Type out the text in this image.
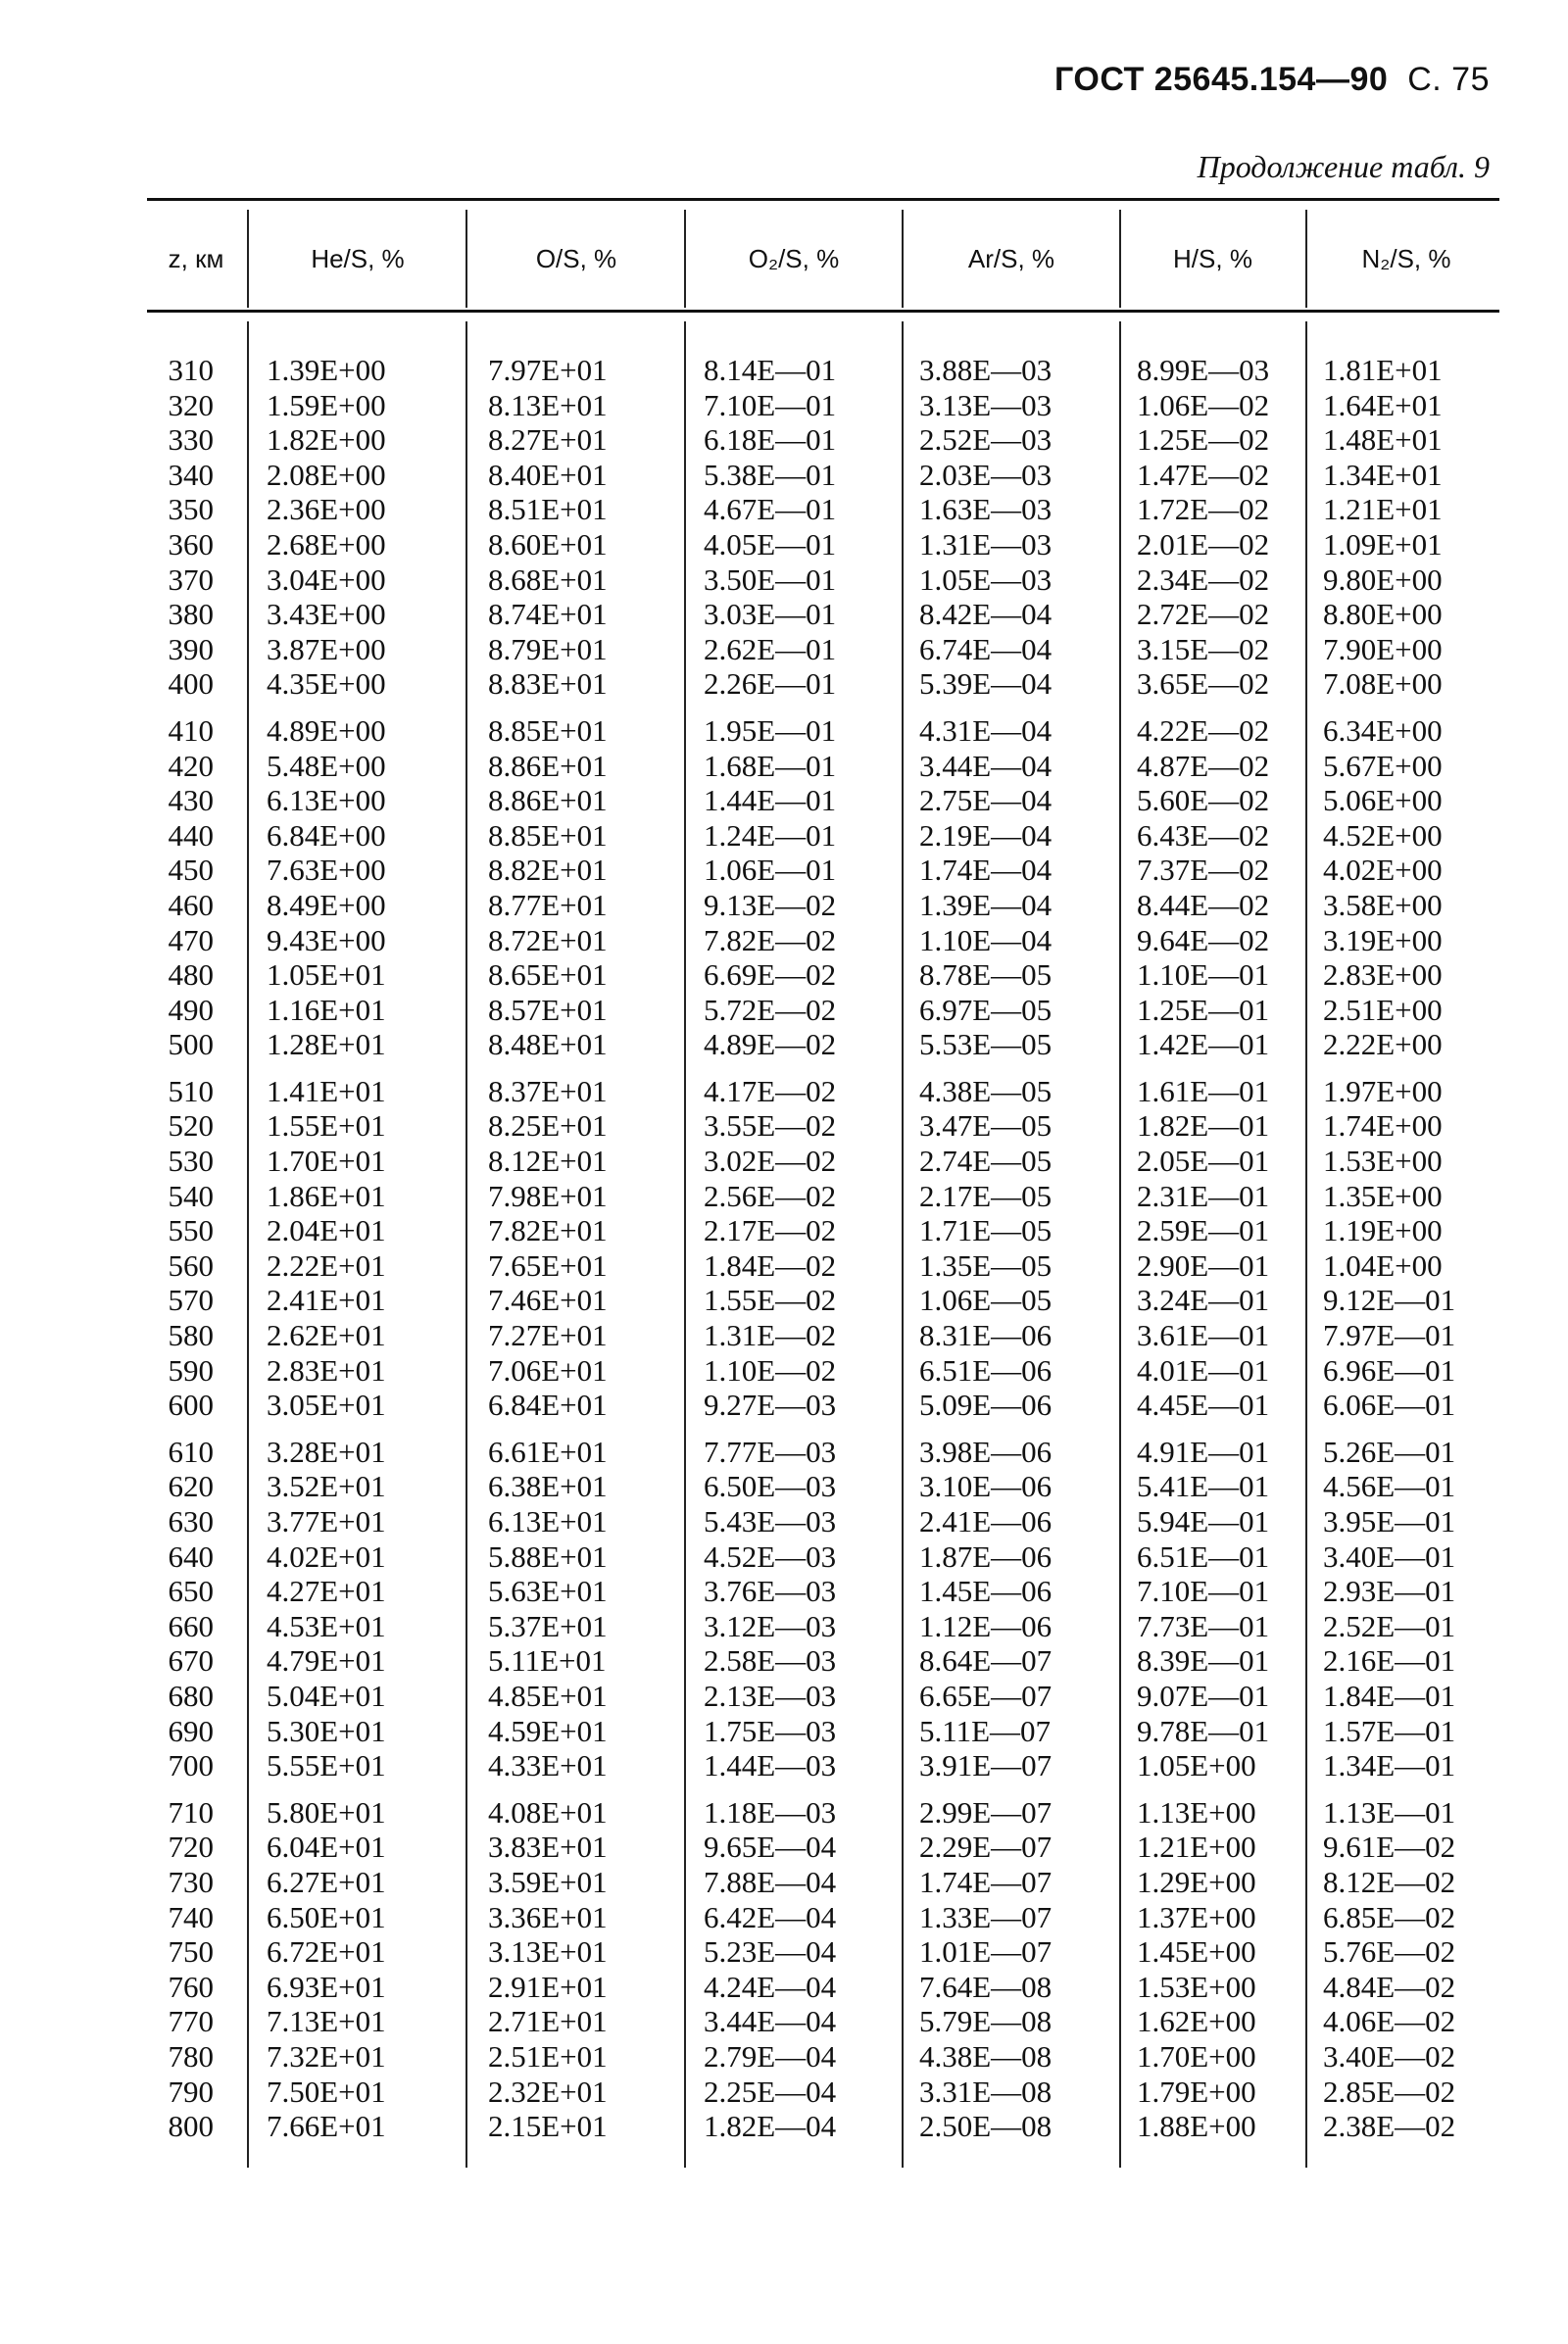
ГОСТ 25645.154—90 С. 75
Продолжение табл. 9
z, км	He/S, %	O/S, %	O₂/S, %	Ar/S, %	H/S, %	N₂/S, %
310 1.39E+00	7.97E+01	8.14E—01	3.88E—03	8.99E—03 1.81E+01
320 1.59E+00	8.13E+01	7.10E—01	3.13E—03	1.06E—02 1.64E+01
330 1.82E+00	8.27E+01	6.18E—01	2.52E—03	1.25E—02 1.48E+01
340 2.08E+00	8.40E+01	5.38E—01	2.03E—03	1.47E—02 1.34E+01
350 2.36E+00	8.51E+01	4.67E—01	1.63E—03	1.72E—02 1.21E+01
360 2.68E+00	8.60E+01	4.05E—01	1.31E—03	2.01E—02 1.09E+01
370 3.04E+00	8.68E+01	3.50E—01	1.05E—03	2.34E—02 9.80E+00
380 3.43E+00	8.74E+01	3.03E—01	8.42E—04	2.72E—02 8.80E+00
390 3.87E+00	8.79E+01	2.62E—01	6.74E—04	3.15E—02 7.90E+00
400 4.35E+00	8.83E+01	2.26E—01	5.39E—04	3.65E—02 7.08E+00
410 4.89E+00	8.85E+01	1.95E—01	4.31E—04	4.22E—02 6.34E+00
420 5.48E+00	8.86E+01	1.68E—01	3.44E—04	4.87E—02 5.67E+00
430 6.13E+00	8.86E+01	1.44E—01	2.75E—04	5.60E—02 5.06E+00
440 6.84E+00	8.85E+01	1.24E—01	2.19E—04	6.43E—02 4.52E+00
450 7.63E+00	8.82E+01	1.06E—01	1.74E—04	7.37E—02 4.02E+00
460 8.49E+00	8.77E+01	9.13E—02	1.39E—04	8.44E—02 3.58E+00
470 9.43E+00	8.72E+01	7.82E—02	1.10E—04	9.64E—02 3.19E+00
480 1.05E+01	8.65E+01	6.69E—02	8.78E—05	1.10E—01 2.83E+00
490 1.16E+01	8.57E+01	5.72E—02	6.97E—05	1.25E—01 2.51E+00
500 1.28E+01	8.48E+01	4.89E—02	5.53E—05	1.42E—01 2.22E+00
510 1.41E+01	8.37E+01	4.17E—02	4.38E—05	1.61E—01 1.97E+00
520 1.55E+01	8.25E+01	3.55E—02	3.47E—05	1.82E—01 1.74E+00
530 1.70E+01	8.12E+01	3.02E—02	2.74E—05	2.05E—01 1.53E+00
540 1.86E+01	7.98E+01	2.56E—02	2.17E—05	2.31E—01 1.35E+00
550 2.04E+01	7.82E+01	2.17E—02	1.71E—05	2.59E—01 1.19E+00
560 2.22E+01	7.65E+01	1.84E—02	1.35E—05	2.90E—01 1.04E+00
570 2.41E+01	7.46E+01	1.55E—02	1.06E—05	3.24E—01 9.12E—01
580 2.62E+01	7.27E+01	1.31E—02	8.31E—06	3.61E—01 7.97E—01
590 2.83E+01	7.06E+01	1.10E—02	6.51E—06	4.01E—01 6.96E—01
600 3.05E+01	6.84E+01	9.27E—03	5.09E—06	4.45E—01 6.06E—01
610 3.28E+01	6.61E+01	7.77E—03	3.98E—06	4.91E—01 5.26E—01
620 3.52E+01	6.38E+01	6.50E—03	3.10E—06	5.41E—01 4.56E—01
630 3.77E+01	6.13E+01	5.43E—03	2.41E—06	5.94E—01 3.95E—01
640 4.02E+01	5.88E+01	4.52E—03	1.87E—06	6.51E—01 3.40E—01
650 4.27E+01	5.63E+01	3.76E—03	1.45E—06	7.10E—01 2.93E—01
660 4.53E+01	5.37E+01	3.12E—03	1.12E—06	7.73E—01 2.52E—01
670 4.79E+01	5.11E+01	2.58E—03	8.64E—07	8.39E—01 2.16E—01
680 5.04E+01	4.85E+01	2.13E—03	6.65E—07	9.07E—01 1.84E—01
690 5.30E+01	4.59E+01	1.75E—03	5.11E—07	9.78E—01 1.57E—01
700 5.55E+01	4.33E+01	1.44E—03	3.91E—07	1.05E+00 1.34E—01
710 5.80E+01	4.08E+01	1.18E—03	2.99E—07	1.13E+00 1.13E—01
720 6.04E+01	3.83E+01	9.65E—04	2.29E—07	1.21E+00 9.61E—02
730 6.27E+01	3.59E+01	7.88E—04	1.74E—07	1.29E+00 8.12E—02
740 6.50E+01	3.36E+01	6.42E—04	1.33E—07	1.37E+00 6.85E—02
750 6.72E+01	3.13E+01	5.23E—04	1.01E—07	1.45E+00 5.76E—02
760 6.93E+01	2.91E+01	4.24E—04	7.64E—08	1.53E+00 4.84E—02
770 7.13E+01	2.71E+01	3.44E—04	5.79E—08	1.62E+00 4.06E—02
780 7.32E+01	2.51E+01	2.79E—04	4.38E—08	1.70E+00 3.40E—02
790 7.50E+01	2.32E+01	2.25E—04	3.31E—08	1.79E+00 2.85E—02
800 7.66E+01	2.15E+01	1.82E—04	2.50E—08	1.88E+00 2.38E—02
